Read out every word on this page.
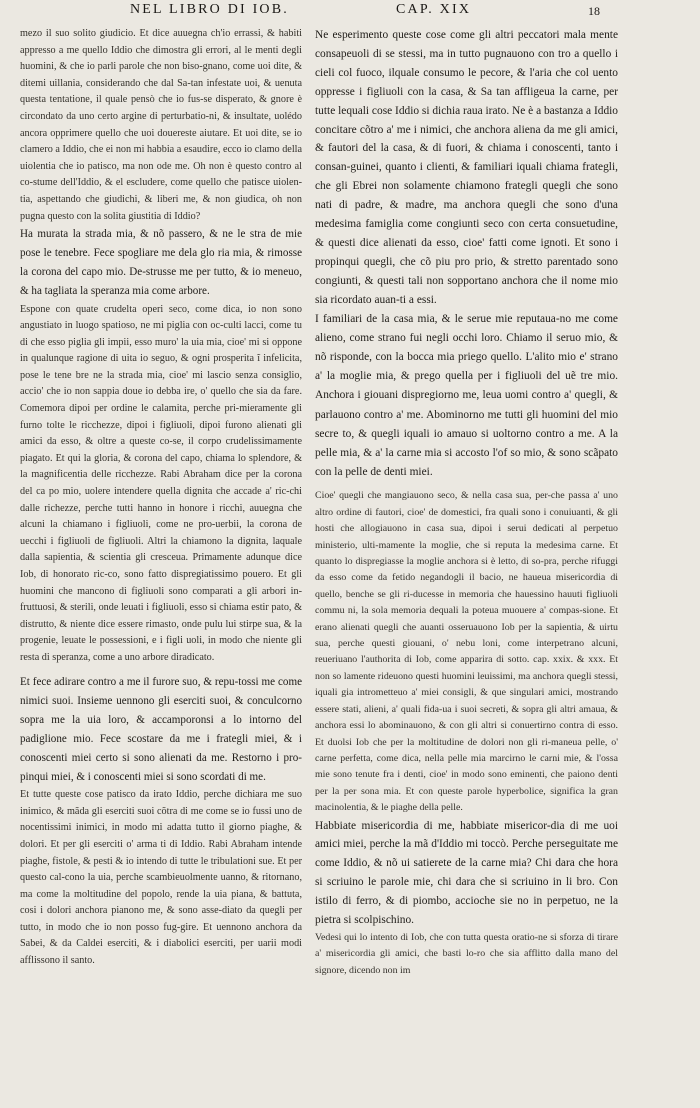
NEL LIBRO DI IOB.	CAP. XIX	18

mezo il suo solito giudicio. Et dice auuegna ch'io errassi, & habiti appresso a me quello Iddio che dimostra gli errori, al le menti degli huomini, & che io parli parole che non biso-gnano, come uoi dite, & ditemi uillania, considerando che dal Sa-tan infestate uoi, & uenuta questa tentatione, il quale pensò che io fus-se disperato, & gnore è circondato da uno certo argine di perturbatio-ni, & insultate, uolédo ancora opprimere quello che uoi douereste aiutare. Et uoi dite, se io clamero a Iddio, che ei non mi habbia a esaudire, ecco io clamo della uiolentia che io patisco, ma non ode me. Oh non è questo contro al co-stume dell'Iddio, & el escludere, come quello che patisce uiolen-tia, aspettando che giudichi, & liberi me, & non giudica, oh non pugna questo con la solita giustitia di Iddio?

Ha murata la strada mia, & nõ passero, & ne le stra de mie pose le tenebre. Fece spogliare me dela glo ria mia, & rimosse la corona del capo mio. De-strusse me per tutto, & io meneuo, & ha tagliata la speranza mia come arbore.

Espone con quate crudelta operi seco, come dica, io non sono angustiato in luogo spatioso, ne mi piglia con oc-culti lacci, come tu di che esso piglia gli impii, esso muro' la uia mia, cioe' mi si oppone in qualunque ragione di uita io seguo, & ogni prosperita ĩ infelicita, pose le tene bre ne la strada mia, cioe' mi lascio senza consiglio, accio' che io non sappia doue io debba ire, o' quello che sia da fare. Comemora dipoi per ordine le calamita, perche pri-mieramente gli furno tolte le ricchezze, dipoi i figliuoli, dipoi furono alienati gli amici da esso, & oltre a queste co-se, il corpo crudelissimamente piagato. Et qui la gloria, & corona del capo, chiama lo splendore, & la magnificentia delle ricchezze. Rabi Abraham dice per la corona del ca po mio, uolere intendere quella dignita che accade a' ric-chi dalle richezze, perche tutti hanno in honore i ricchi, auuegna che alcuni la chiamano i figliuoli, come ne pro-uerbii, la corona de uecchi i figliuoli de figliuoli. Altri la chiamono la dignita, laquale dalla sapientia, & scientia gli cresceua. Primamente adunque dice Iob, di honorato ric-co, sono fatto dispregiatissimo pouero. Et gli huomini che mancono di figliuoli sono comparati a gli arbori in-fruttuosi, & sterili, onde leuati i figliuoli, esso si chiama estir pato, & distrutto, & niente dice essere rimasto, onde pulu lui stirpe sua, & la progenie, leuate le possessioni, e i figli uoli, in modo che niente gli resta di speranza, come a uno arbore diradicato.

Et fece adirare contro a me il furore suo, & repu-tossi me come nimici suoi. Insieme uennono gli eserciti suoi, & conculcorno sopra me la uia loro, & accamporonsi a lo intorno del padiglione mio. Fece scostare da me i frategli miei, & i conoscenti miei certo si sono alienati da me. Restorno i pro-pinqui miei, & i conoscenti miei si sono scordati di me.

Et tutte queste cose patisco da irato Iddio, perche dichiara me suo inimico, & mãda gli eserciti suoi cõtra di me come se io fussi uno de nocentissimi inimici, in modo mi adatta tutto il giorno piaghe, & dolori. Et per gli eserciti o' arma ti di Iddio. Rabi Abraham intende piaghe, fistole, & pesti & io intendo di tutte le tribulationi sue. Et per questo cal-cono la uia, perche scambieuolmente uanno, & ritornano, ma come la moltitudine del popolo, rende la uia piana, & battuta, cosi i dolori anchora pianono me, & sono asse-diato da quegli per tutto, in modo che io non posso fug-gire. Et uennono anchora da Sabei, & da Caldei eserciti, & i diabolici eserciti, per uarii modi afflissono il santo.

Ne esperimento queste cose come gli altri peccatori mala mente consapeuoli di se stessi, ma in tutto pugnauono con tro a quello i cieli col fuoco, ilquale consumo le pecore, & l'aria che col uento oppresse i figliuoli con la casa, & Sa tan affligeua la carne, per tutte lequali cose Iddio si dichia raua irato. Ne è a bastanza a Iddio concitare cõtro a' me i nimici, che anchora aliena da me gli amici, & fautori del la casa, & di fuori, & chiama i conoscenti, tanto i consan-guinei, quanto i clienti, & familiari iquali chiama frategli, che gli Ebrei non solamente chiamono frategli quegli che sono nati di padre, & madre, ma anchora quegli che sono d'una medesima famiglia come congiunti seco con certa consuetudine, & questi dice alienati da esso, cioe' fatti come ignoti. Et sono i propinqui quegli, che cõ piu pro prio, & stretto parentado sono congiunti, & questi tali non sopportano anchora che il nome mio sia ricordato auan-ti a essi.

I familiari de la casa mia, & le serue mie reputaua-no me come alieno, come strano fui negli occhi loro. Chiamo il seruo mio, & nõ risponde, con la bocca mia priego quello. L'alito mio e' strano a' la moglie mia, & prego quella per i figliuoli del uẽ tre mio. Anchora i giouani dispregiorno me, leua uomi contro a' quegli, & parlauono contro a' me. Abominorno me tutti gli huomini del mio secre to, & quegli iquali io amauo si uoltorno contro a me. A la pelle mia, & a' la carne mia si accosto l'of so mio, & sono scãpato con la pelle de denti miei.

Cioe' quegli che mangiauono seco, & nella casa sua, per-che passa a' uno altro ordine di fautori, cioe' de domestici, fra quali sono i conuiuanti, & gli hosti che allogiauono in casa sua, dipoi i serui dedicati al perpetuo ministerio, ulti-mamente la moglie, che si reputa la medesima carne. Et quanto lo dispregiasse la moglie anchora si è letto, di so-pra, perche rifuggi da esso come da fetido negandogli il bacio, ne haueua misericordia di quello, benche se gli ri-ducesse in memoria che hauessino hauuti figliuoli commu ni, la sola memoria dequali la poteua muouere a' compas-sione. Et erano alienati quegli che auanti osseruauono Iob per la sapientia, & uirtu sua, perche questi giouani, o' nebu loni, come interpetrano alcuni, reueriuano l'authorita di Iob, come apparira di sotto. cap. xxix. & xxx. Et non so lamente rideuono questi huomini leuissimi, ma anchora quegli stessi, iquali gia intrometteuo a' miei consigli, & que singulari amici, mostrando essere stati, alieni, a' quali fida-ua i suoi secreti, & sopra gli altri amaua, & anchora essi lo abominauono, & con gli altri si conuertirno contra di esso. Et duolsi Iob che per la moltitudine de dolori non gli ri-maneua pelle, o' carne perfetta, come dica, nella pelle mia marcirno le carni mie, & l'ossa mie sono tenute fra i denti, cioe' in modo sono eminenti, che paiono denti per la per sona mia. Et con queste parole hyperbolice, significa la gran macinolentia, & le piaghe della pelle.

Habbiate misericordia di me, habbiate misericor-dia di me uoi amici miei, perche la mã d'Iddio mi toccò. Perche perseguitate me come Iddio, & nõ ui satierete de la carne mia? Chi dara che hora si scriuino le parole mie, chi dara che si scriuino in li bro. Con istilo di ferro, & di piombo, accioche sie no in perpetuo, ne la pietra si scolpischino.

Vedesi qui lo intento di Iob, che con tutta questa oratio-ne si sforza di tirare a' misericordia gli amici, che basti lo-ro che sia afflitto dalla mano del signore, dicendo non im
